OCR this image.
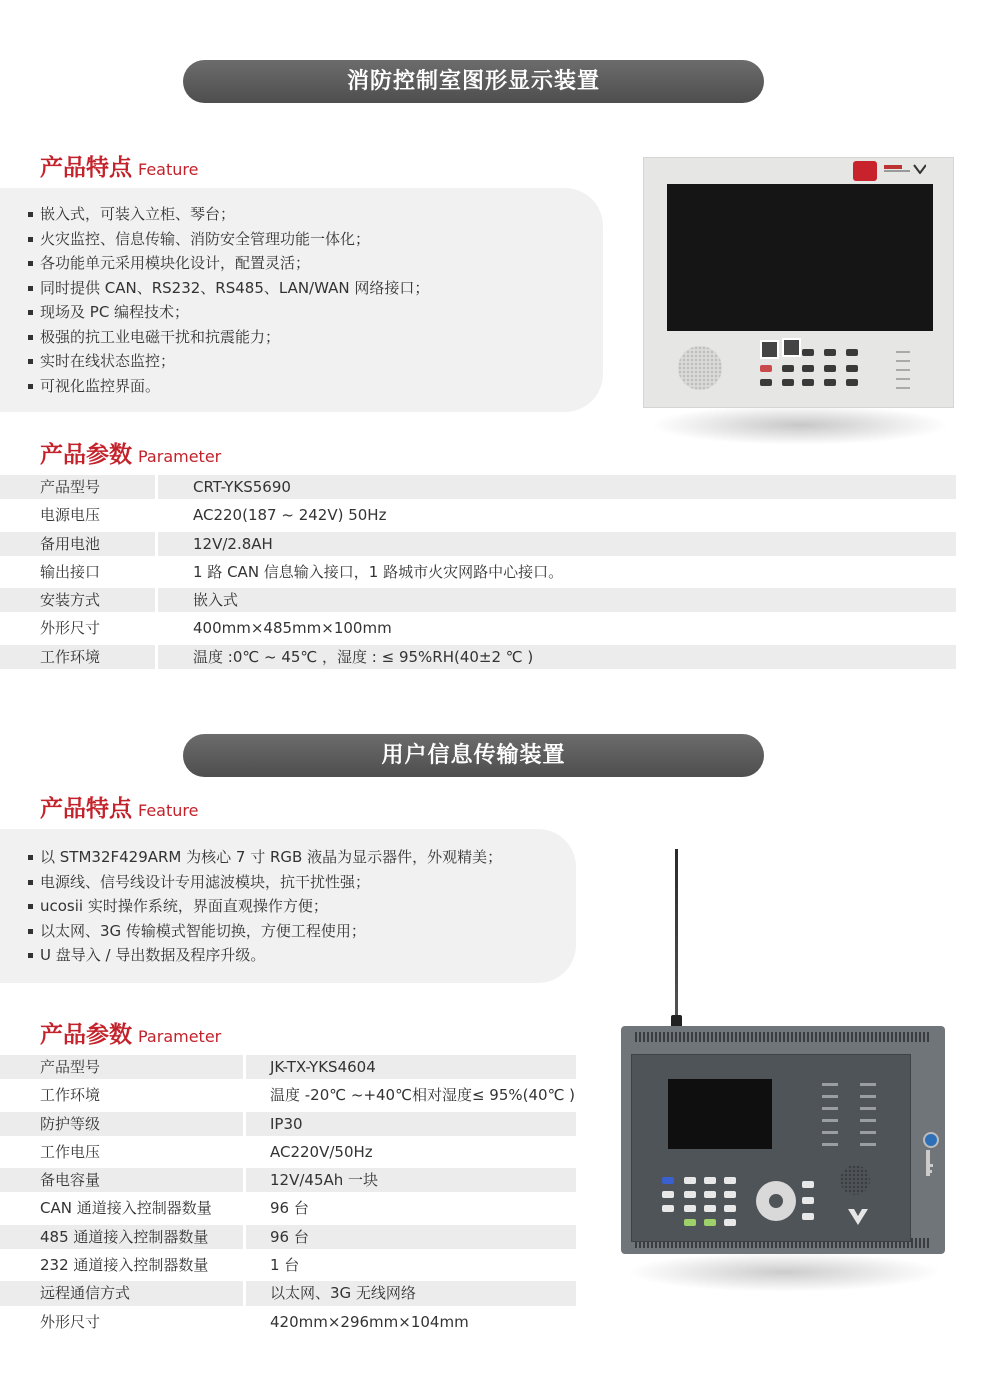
消防控制室图形显示装置
产品特点 Feature
嵌入式，可装入立柜、琴台；
火灾监控、信息传输、消防安全管理功能一体化；
各功能单元采用模块化设计，配置灵活；
同时提供 CAN、RS232、RS485、LAN/WAN 网络接口；
现场及 PC 编程技术；
极强的抗工业电磁干扰和抗震能力；
实时在线状态监控；
可视化监控界面。
产品参数 Parameter
产品型号	CRT-YKS5690
电源电压	AC220(187 ~ 242V) 50Hz
备用电池	12V/2.8AH
输出接口	1 路 CAN 信息输入接口，1 路城市火灾网路中心接口。
安装方式	嵌入式
外形尺寸	400mm×485mm×100mm
工作环境	温度 :0℃ ~ 45℃ ，湿度 : ≤ 95%RH(40±2 ℃ )
用户信息传输装置
产品特点 Feature
以 STM32F429ARM 为核心 7 寸 RGB 液晶为显示器件，外观精美；
电源线、信号线设计专用滤波模块，抗干扰性强；
ucosii 实时操作系统，界面直观操作方便；
以太网、3G 传输模式智能切换，方便工程使用；
U 盘导入 / 导出数据及程序升级。
产品参数 Parameter
产品型号	JK-TX-YKS4604
工作环境	温度 -20℃ ~+40℃相对湿度≤ 95%(40℃ )
防护等级	IP30
工作电压	AC220V/50Hz
备电容量	12V/45Ah 一块
CAN 通道接入控制器数量	96 台
485 通道接入控制器数量	96 台
232 通道接入控制器数量	1 台
远程通信方式	以太网、3G 无线网络
外形尺寸	420mm×296mm×104mm
